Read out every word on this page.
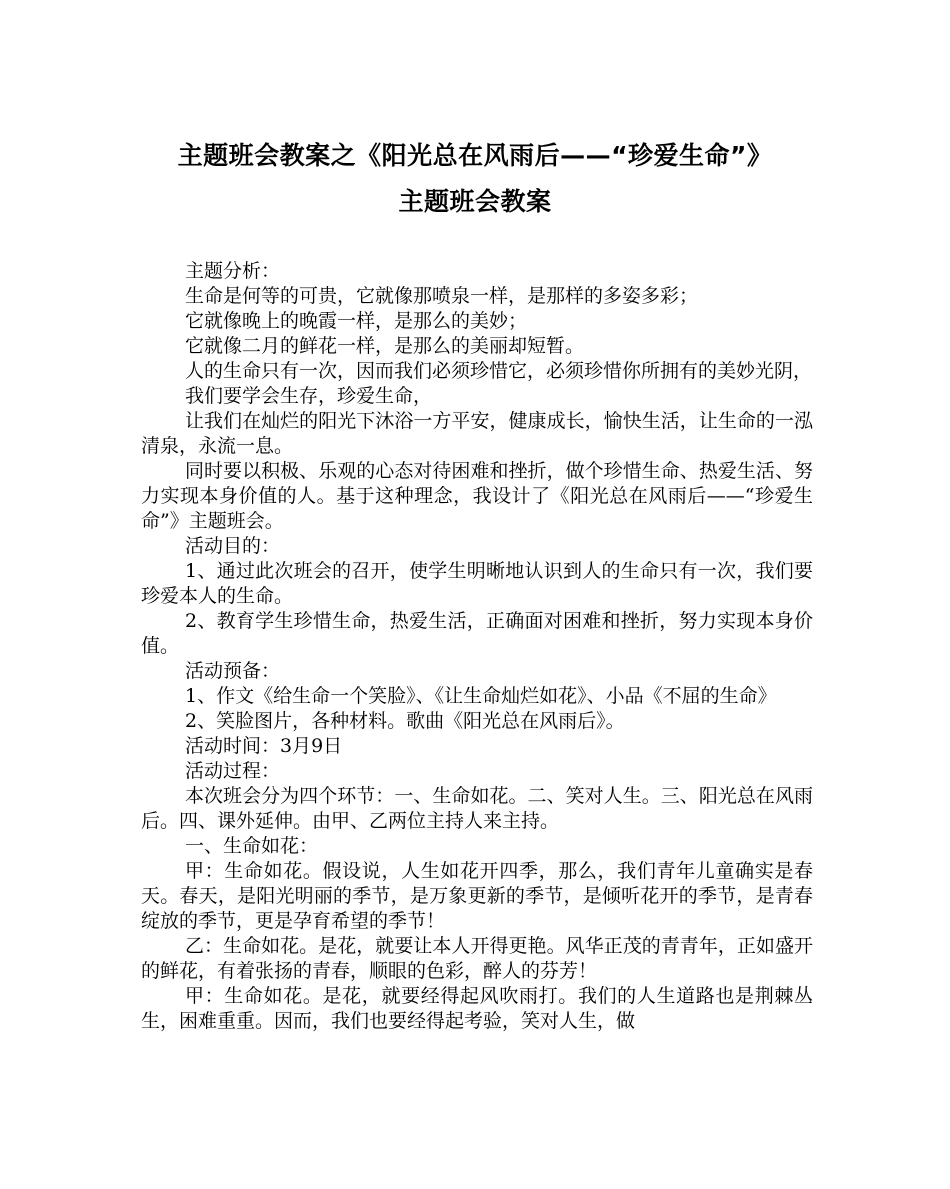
主题班会教案之《阳光总在风雨后——“珍爱生命”》
主题班会教案

主题分析：

生命是何等的可贵，它就像那喷泉一样，是那样的多姿多彩；

它就像晚上的晚霞一样，是那么的美妙；

它就像二月的鲜花一样，是那么的美丽却短暂。

人的生命只有一次，因而我们必须珍惜它，必须珍惜你所拥有的美妙光阴，

我们要学会生存，珍爱生命，

让我们在灿烂的阳光下沐浴一方平安，健康成长，愉快生活，让生命的一泓清泉，永流一息。

同时要以积极、乐观的心态对待困难和挫折，做个珍惜生命、热爱生活、努力实现本身价值的人。基于这种理念，我设计了《阳光总在风雨后——“珍爱生命”》主题班会。

活动目的：

1、通过此次班会的召开，使学生明晰地认识到人的生命只有一次，我们要珍爱本人的生命。

2、教育学生珍惜生命，热爱生活，正确面对困难和挫折，努力实现本身价值。

活动预备：

1、作文《给生命一个笑脸》、《让生命灿烂如花》、小品《不屈的生命》

2、笑脸图片，各种材料。歌曲《阳光总在风雨后》。

活动时间：3月9日

活动过程：

本次班会分为四个环节：一、生命如花。二、笑对人生。三、阳光总在风雨后。四、课外延伸。由甲、乙两位主持人来主持。

一、生命如花：

甲：生命如花。假设说，人生如花开四季，那么，我们青年儿童确实是春天。春天，是阳光明丽的季节，是万象更新的季节，是倾听花开的季节，是青春绽放的季节，更是孕育希望的季节！

乙：生命如花。是花，就要让本人开得更艳。风华正茂的青青年，正如盛开的鲜花，有着张扬的青春，顺眼的色彩，醉人的芬芳！

甲：生命如花。是花，就要经得起风吹雨打。我们的人生道路也是荆棘丛生，困难重重。因而，我们也要经得起考验，笑对人生，做
